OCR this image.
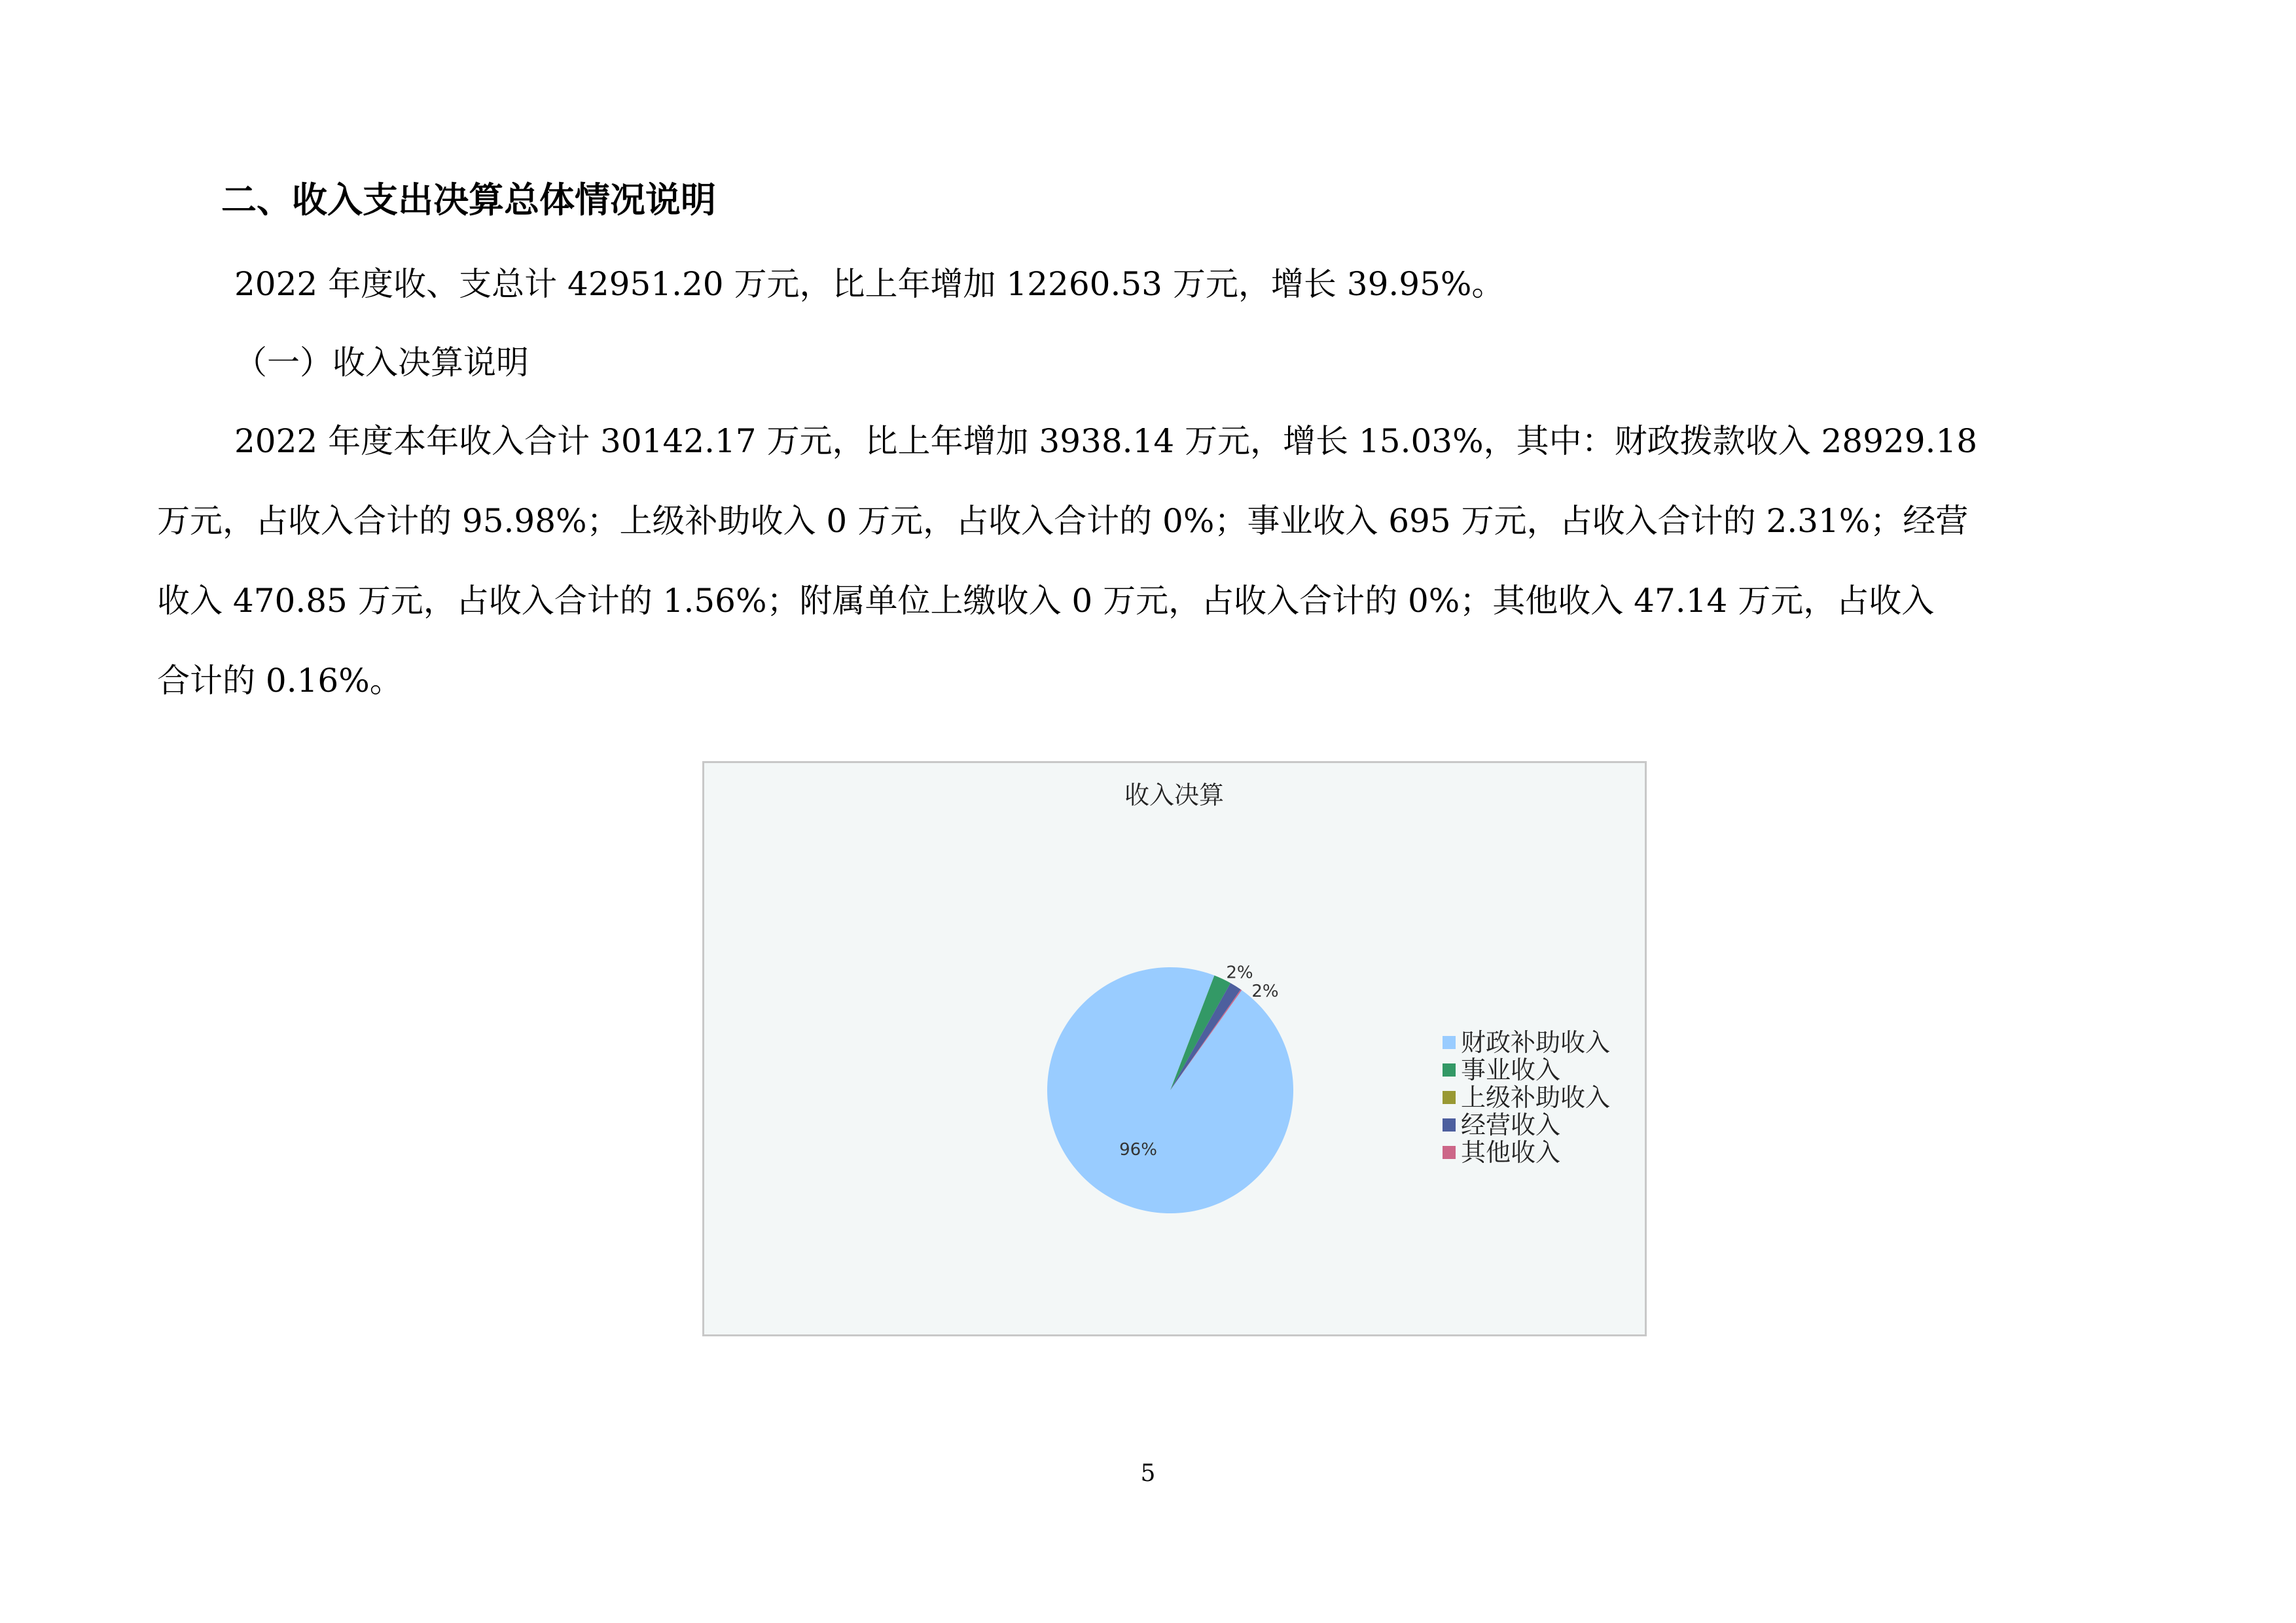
二、收入支出决算总体情况说明
2022 年度收、支总计 42951.20 万元，比上年增加 12260.53 万元，增长 39.95%。
（一）收入决算说明
2022 年度本年收入合计 30142.17 万元，比上年增加 3938.14 万元，增长 15.03%，其中：财政拨款收入 28929.18
万元，占收入合计的 95.98%；上级补助收入 0 万元，占收入合计的 0%；事业收入 695 万元，占收入合计的 2.31%；经营
收入 470.85 万元，占收入合计的 1.56%；附属单位上缴收入 0 万元，占收入合计的 0%；其他收入 47.14 万元，占收入
合计的 0.16%。
收入决算
96%
2%
2%
财政补助收入
事业收入
上级补助收入
经营收入
其他收入
5
